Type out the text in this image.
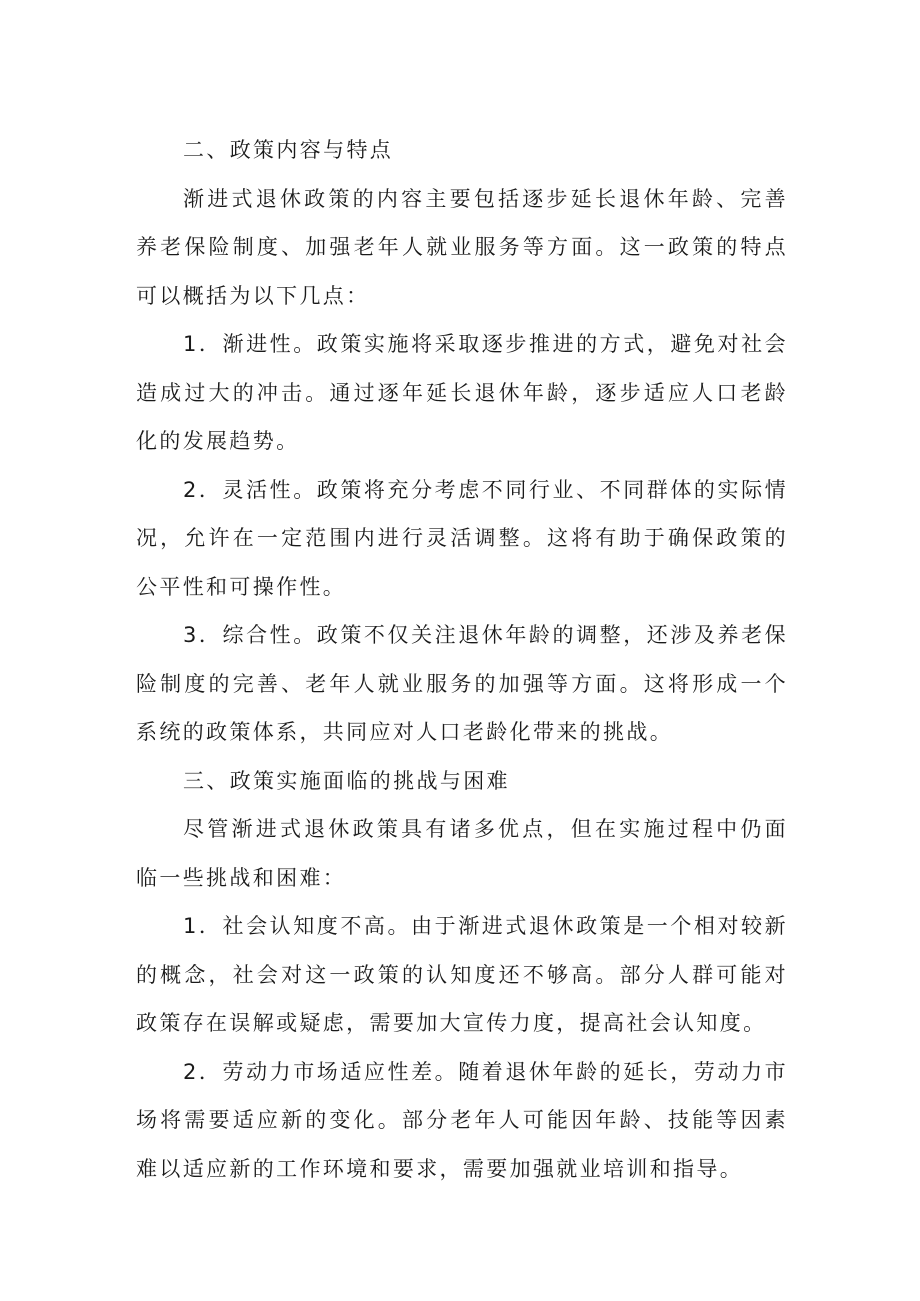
二、政策内容与特点

渐进式退休政策的内容主要包括逐步延长退休年龄、完善养老保险制度、加强老年人就业服务等方面。这一政策的特点可以概括为以下几点：

1．渐进性。政策实施将采取逐步推进的方式，避免对社会造成过大的冲击。通过逐年延长退休年龄，逐步适应人口老龄化的发展趋势。

2．灵活性。政策将充分考虑不同行业、不同群体的实际情况，允许在一定范围内进行灵活调整。这将有助于确保政策的公平性和可操作性。

3．综合性。政策不仅关注退休年龄的调整，还涉及养老保险制度的完善、老年人就业服务的加强等方面。这将形成一个系统的政策体系，共同应对人口老龄化带来的挑战。

三、政策实施面临的挑战与困难

尽管渐进式退休政策具有诸多优点，但在实施过程中仍面临一些挑战和困难：

1．社会认知度不高。由于渐进式退休政策是一个相对较新的概念，社会对这一政策的认知度还不够高。部分人群可能对政策存在误解或疑虑，需要加大宣传力度，提高社会认知度。

2．劳动力市场适应性差。随着退休年龄的延长，劳动力市场将需要适应新的变化。部分老年人可能因年龄、技能等因素难以适应新的工作环境和要求，需要加强就业培训和指导。
